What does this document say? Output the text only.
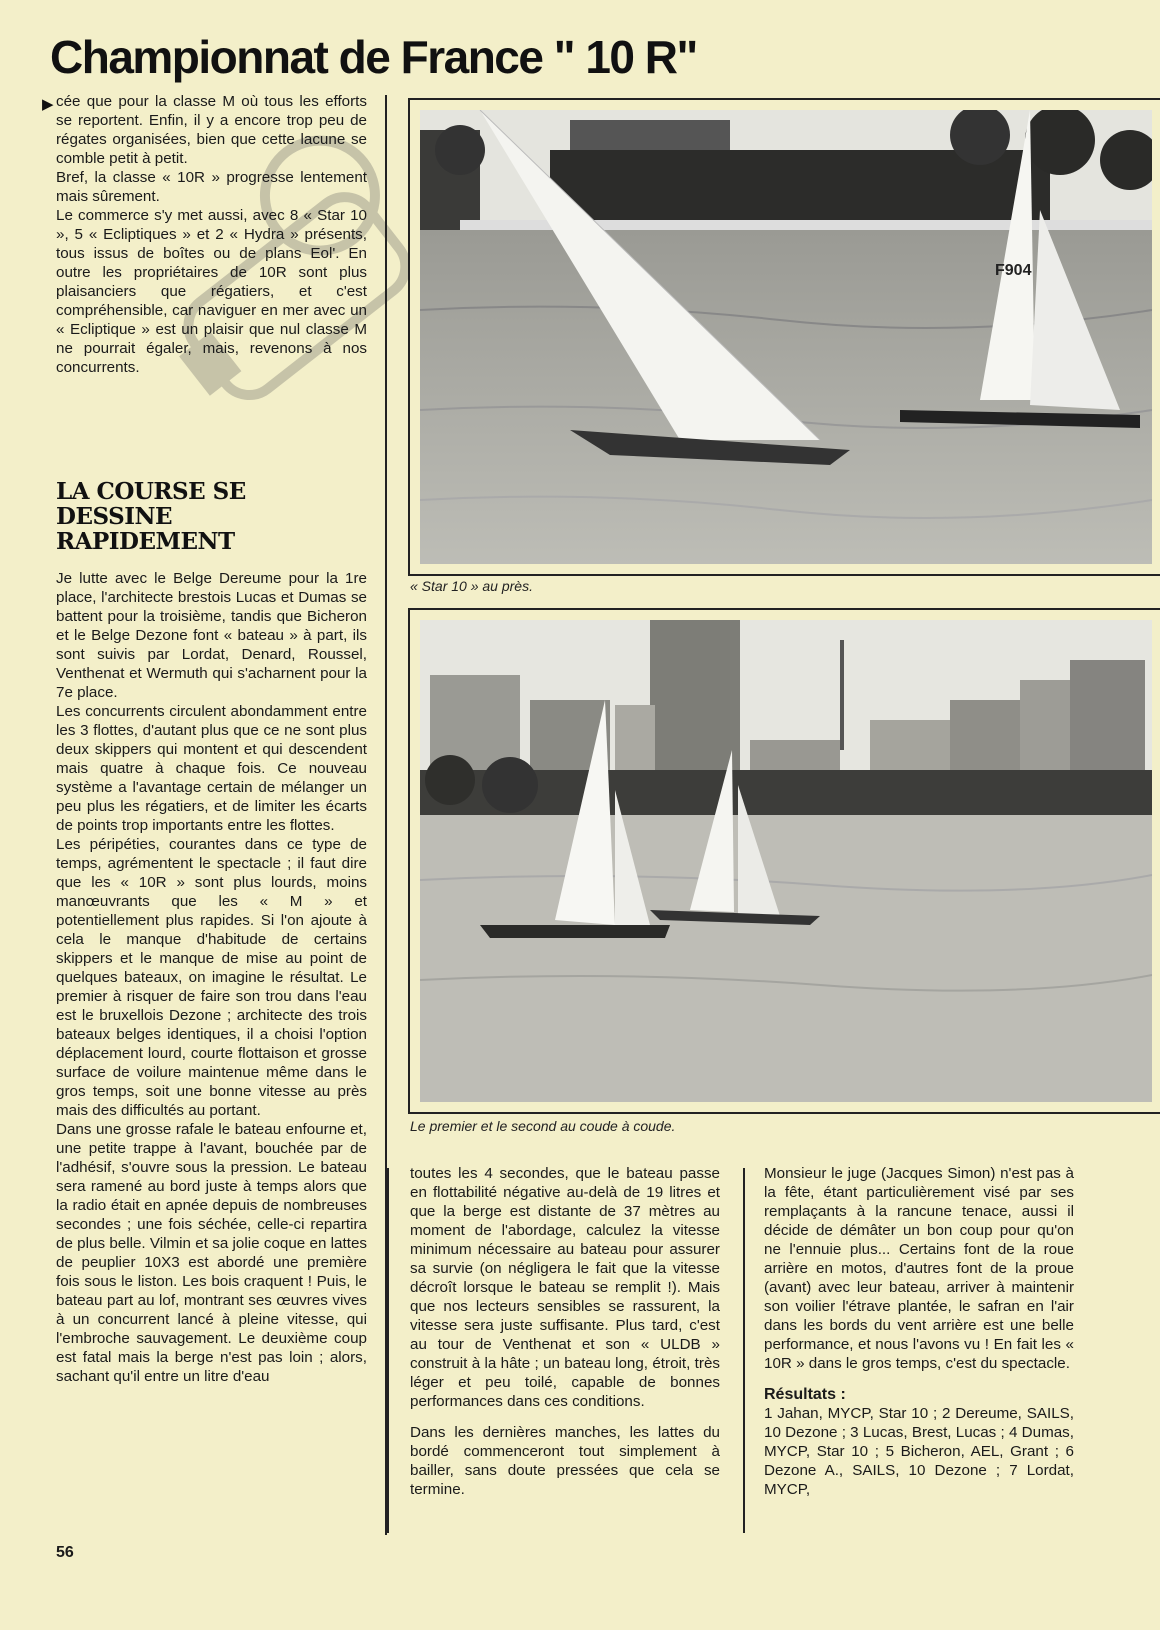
Championnat de France " 10 R"
▶ cée que pour la classe M où tous les efforts se reportent. Enfin, il y a encore trop peu de régates organisées, bien que cette lacune se comble petit à petit.

Bref, la classe « 10R » progresse lentement mais sûrement.

Le commerce s'y met aussi, avec 8 « Star 10 », 5 « Ecliptiques » et 2 « Hydra » présents, tous issus de boîtes ou de plans Eol'. En outre les propriétaires de 10R sont plus plaisanciers que régatiers, et c'est compréhensible, car naviguer en mer avec un « Ecliptique » est un plaisir que nul classe M ne pourrait égaler, mais, revenons à nos concurrents.

LA COURSE SE DESSINE RAPIDEMENT

Je lutte avec le Belge Dereume pour la 1re place, l'architecte brestois Lucas et Dumas se battent pour la troisième, tandis que Bicheron et le Belge Dezone font « bateau » à part, ils sont suivis par Lordat, Denard, Roussel, Venthenat et Wermuth qui s'acharnent pour la 7e place.

Les concurrents circulent abondamment entre les 3 flottes, d'autant plus que ce ne sont plus deux skippers qui montent et qui descendent mais quatre à chaque fois. Ce nouveau système a l'avantage certain de mélanger un peu plus les régatiers, et de limiter les écarts de points trop importants entre les flottes.

Les péripéties, courantes dans ce type de temps, agrémentent le spectacle ; il faut dire que les « 10R » sont plus lourds, moins manœuvrants que les « M » et potentiellement plus rapides. Si l'on ajoute à cela le manque d'habitude de certains skippers et le manque de mise au point de quelques bateaux, on imagine le résultat. Le premier à risquer de faire son trou dans l'eau est le bruxellois Dezone ; architecte des trois bateaux belges identiques, il a choisi l'option déplacement lourd, courte flottaison et grosse surface de voilure maintenue même dans le gros temps, soit une bonne vitesse au près mais des difficultés au portant.

Dans une grosse rafale le bateau enfourne et, une petite trappe à l'avant, bouchée par de l'adhésif, s'ouvre sous la pression. Le bateau sera ramené au bord juste à temps alors que la radio était en apnée depuis de nombreuses secondes ; une fois séchée, celle-ci repartira de plus belle. Vilmin et sa jolie coque en lattes de peuplier 10X3 est abordé une première fois sous le liston. Les bois craquent ! Puis, le bateau part au lof, montrant ses œuvres vives à un concurrent lancé à pleine vitesse, qui l'embroche sauvagement. Le deuxième coup est fatal mais la berge n'est pas loin ; alors, sachant qu'il entre un litre d'eau

F904
« Star 10 » au près.
Le premier et le second au coude à coude.

toutes les 4 secondes, que le bateau passe en flottabilité négative au-delà de 19 litres et que la berge est distante de 37 mètres au moment de l'abordage, calculez la vitesse minimum nécessaire au bateau pour assurer sa survie (on négligera le fait que la vitesse décroît lorsque le bateau se remplit !). Mais que nos lecteurs sensibles se rassurent, la vitesse sera juste suffisante. Plus tard, c'est au tour de Venthenat et son « ULDB » construit à la hâte ; un bateau long, étroit, très léger et peu toilé, capable de bonnes performances dans ces conditions.

Dans les dernières manches, les lattes du bordé commenceront tout simplement à bailler, sans doute pressées que cela se termine.

Monsieur le juge (Jacques Simon) n'est pas à la fête, étant particulièrement visé par ses remplaçants à la rancune tenace, aussi il décide de démâter un bon coup pour qu'on ne l'ennuie plus... Certains font de la roue arrière en motos, d'autres font de la proue (avant) avec leur bateau, arriver à maintenir son voilier l'étrave plantée, le safran en l'air dans les bords du vent arrière est une belle performance, et nous l'avons vu ! En fait les « 10R » dans le gros temps, c'est du spectacle.

Résultats :

1 Jahan, MYCP, Star 10 ; 2 Dereume, SAILS, 10 Dezone ; 3 Lucas, Brest, Lucas ; 4 Dumas, MYCP, Star 10 ; 5 Bicheron, AEL, Grant ; 6 Dezone A., SAILS, 10 Dezone ; 7 Lordat, MYCP,

56
